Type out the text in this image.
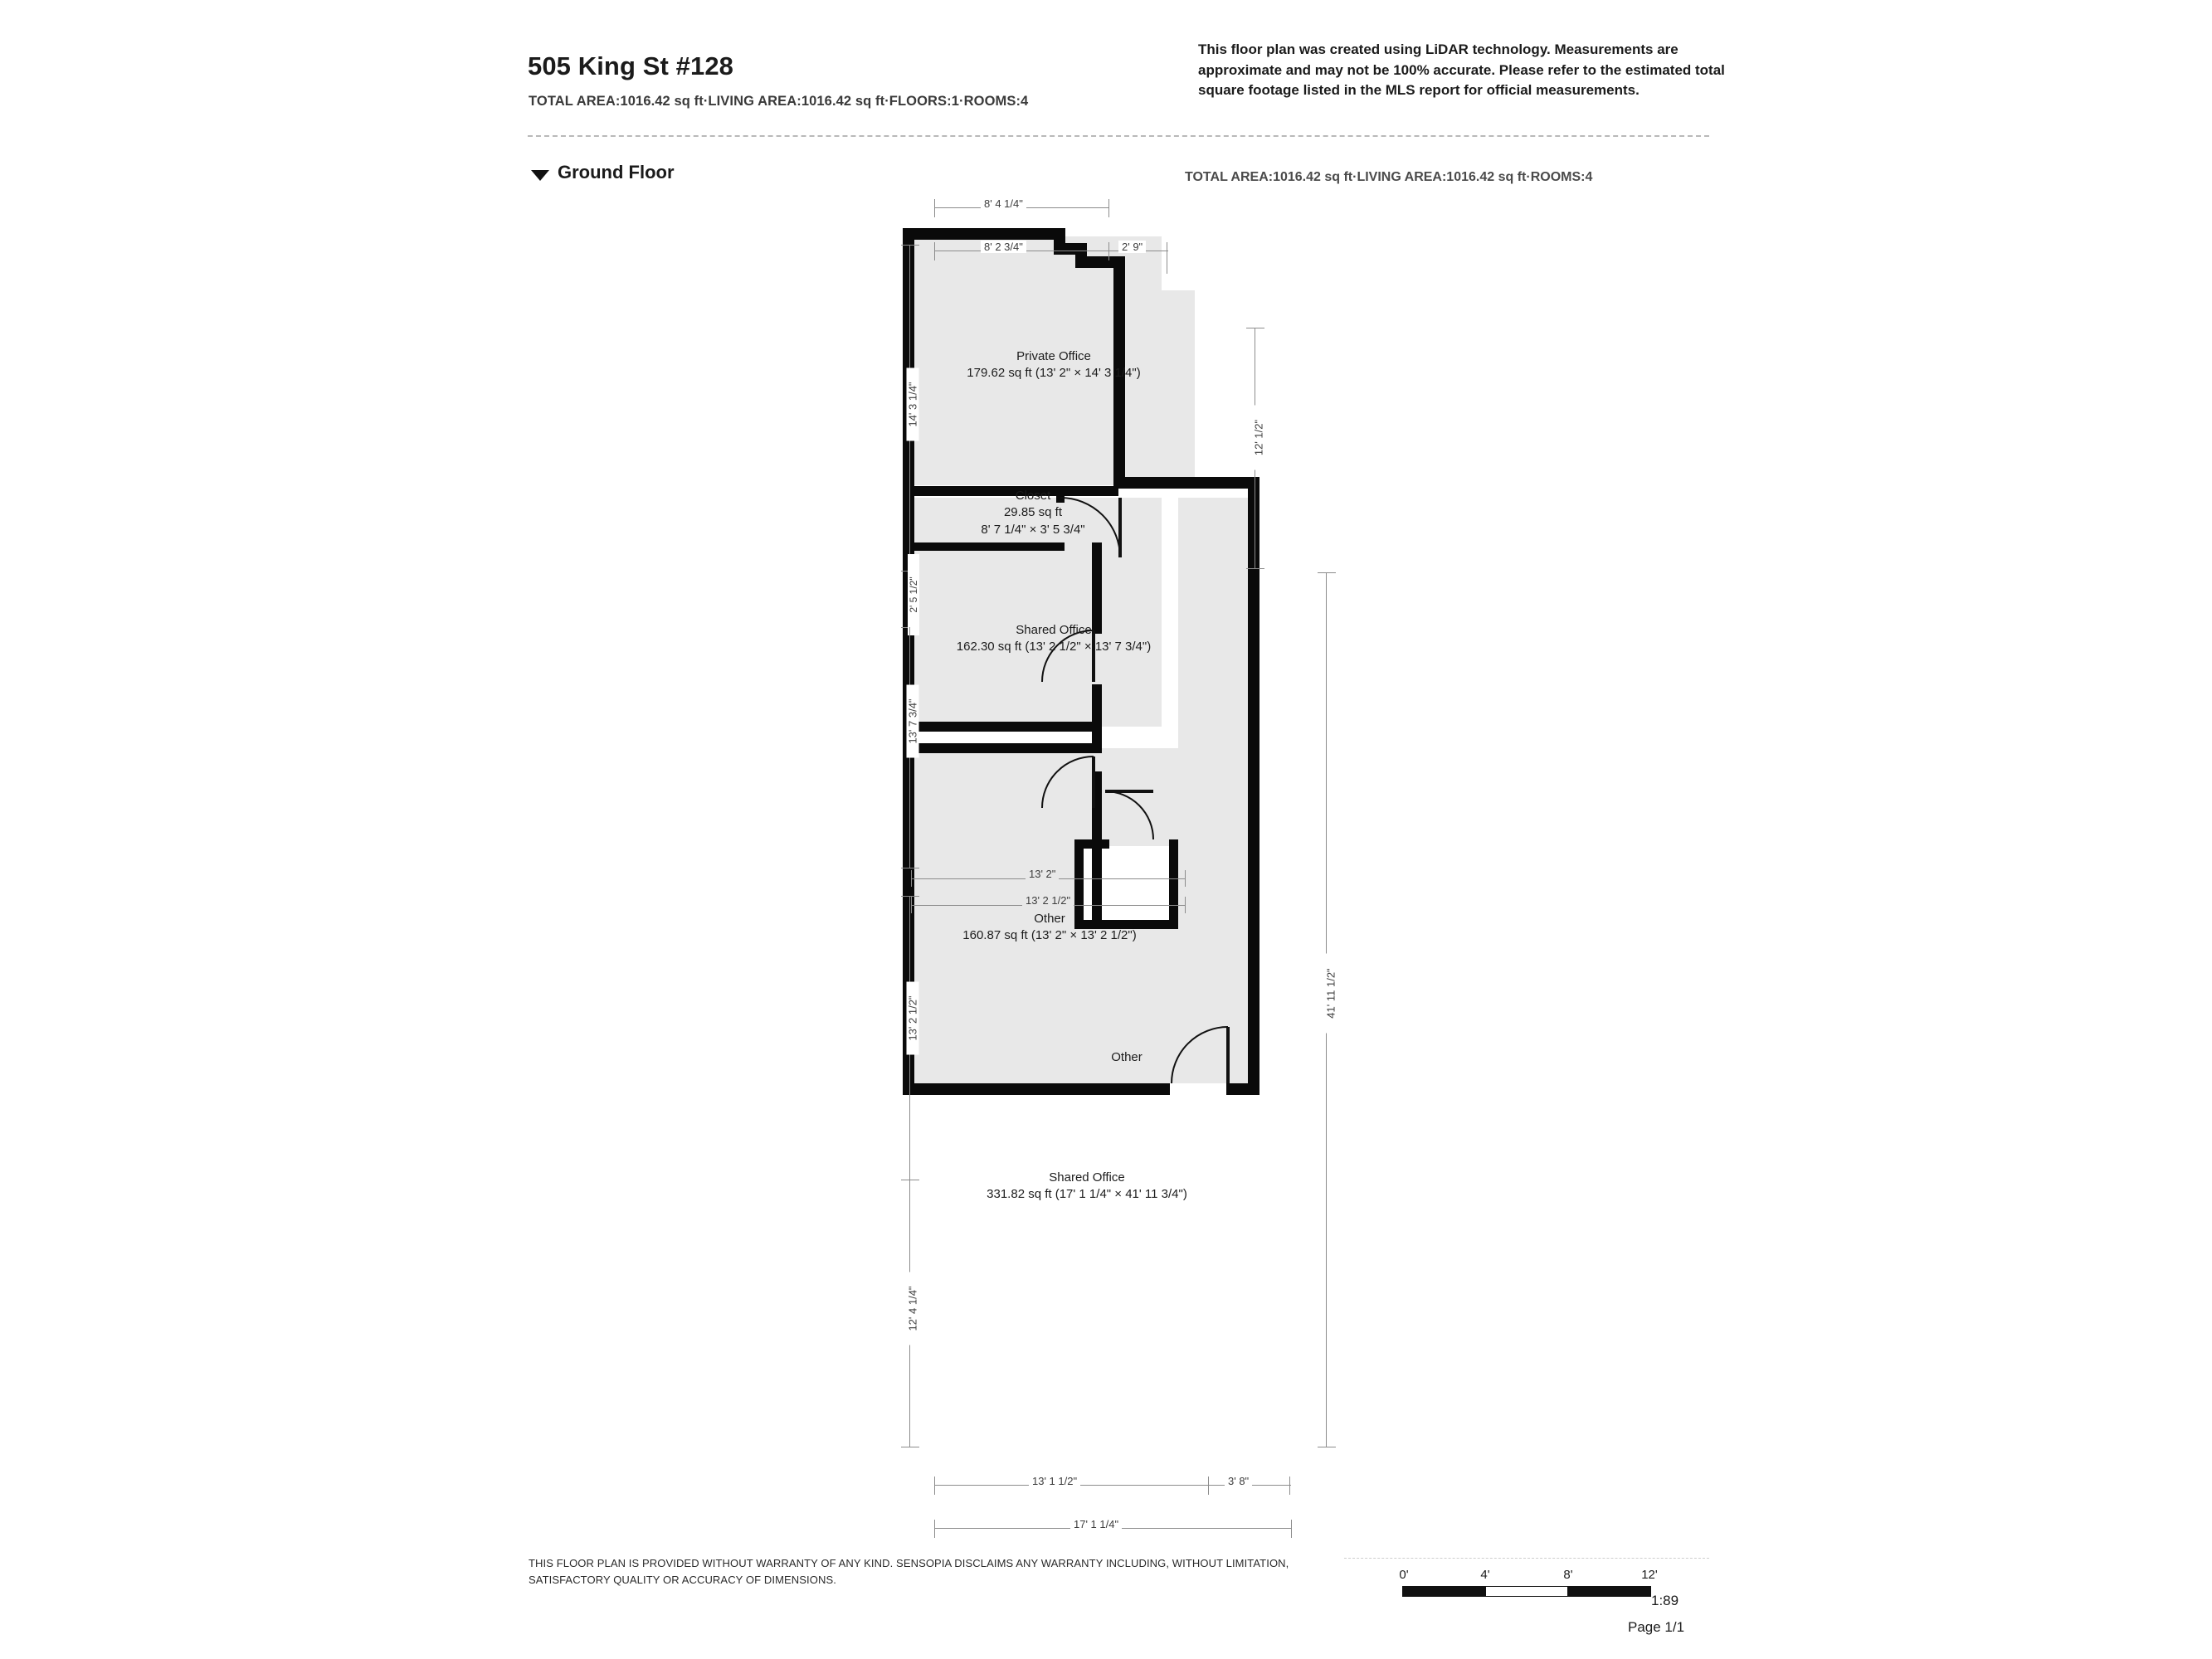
505 King St #128
TOTAL AREA:1016.42 sq ft·LIVING AREA:1016.42 sq ft·FLOORS:1·ROOMS:4
This floor plan was created using LiDAR technology. Measurements are approximate and may not be 100% accurate. Please refer to the estimated total square footage listed in the MLS report for official measurements.
Ground Floor	TOTAL AREA:1016.42 sq ft·LIVING AREA:1016.42 sq ft·ROOMS:4
Private Office
179.62 sq ft (13' 2" × 14' 3 1/4")
Closet
29.85 sq ft
8' 7 1/4" × 3' 5 3/4"
Shared Office
162.30 sq ft (13' 2 1/2" × 13' 7 3/4")
Other
160.87 sq ft (13' 2" × 13' 2 1/2")
Other
Shared Office
331.82 sq ft (17' 1 1/4" × 41' 11 3/4")
8' 4 1/4"
8' 2 3/4"	2' 9"
14' 3 1/4"
2' 5 1/2"
13' 7 3/4"
13' 2 1/2"
12' 4 1/4"
12' 1/2"
41' 11 1/2"
13' 2"
13' 2 1/2"
13' 1 1/2"	3' 8"
17' 1 1/4"
THIS FLOOR PLAN IS PROVIDED WITHOUT WARRANTY OF ANY KIND. SENSOPIA DISCLAIMS ANY WARRANTY INCLUDING, WITHOUT LIMITATION, SATISFACTORY QUALITY OR ACCURACY OF DIMENSIONS.	0'	4'	8'	12'
1:89
Page 1/1
